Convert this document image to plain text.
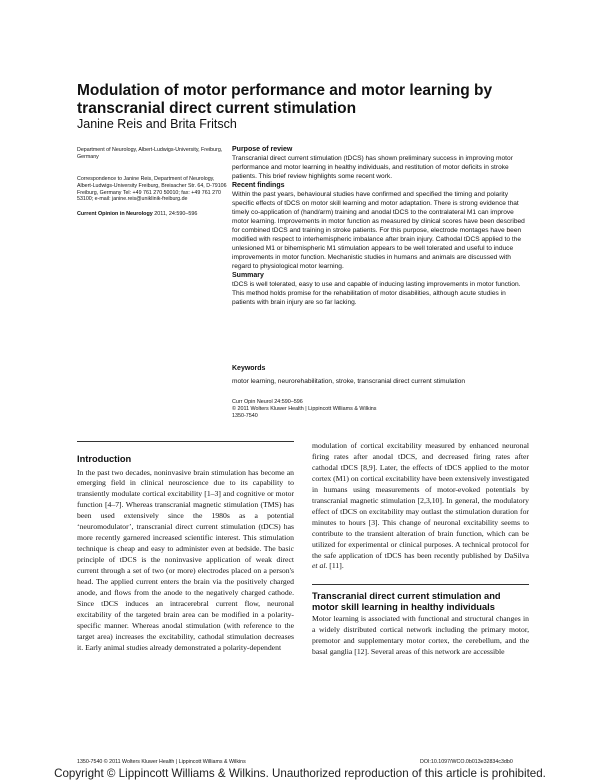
Modulation of motor performance and motor learning by transcranial direct current stimulation
Janine Reis and Brita Fritsch
Department of Neurology, Albert-Ludwigs-University, Freiburg, Germany
Correspondence to Janine Reis, Department of Neurology, Albert-Ludwigs-University Freiburg, Breisacher Str. 64, D-79106 Freiburg, Germany Tel: +49 761 270 50010; fax: +49 761 270 53100; e-mail: janine.reis@uniklinik-freiburg.de
Current Opinion in Neurology 2011, 24:590–596

Purpose of review

Transcranial direct current stimulation (tDCS) has shown preliminary success in improving motor performance and motor learning in healthy individuals, and restitution of motor deficits in stroke patients. This brief review highlights some recent work.

Recent findings

Within the past years, behavioural studies have confirmed and specified the timing and polarity specific effects of tDCS on motor skill learning and motor adaptation. There is strong evidence that timely co-application of (hand/arm) training and anodal tDCS to the contralateral M1 can improve motor learning. Improvements in motor function as measured by clinical scores have been described for combined tDCS and training in stroke patients. For this purpose, electrode montages have been modified with respect to interhemispheric imbalance after brain injury. Cathodal tDCS applied to the unlesioned M1 or bihemispheric M1 stimulation appears to be well tolerated and useful to induce improvements in motor function. Mechanistic studies in humans and animals are discussed with regard to physiological motor learning.

Summary

tDCS is well tolerated, easy to use and capable of inducing lasting improvements in motor function. This method holds promise for the rehabilitation of motor disabilities, although acute studies in patients with brain injury are so far lacking.

Keywords

motor learning, neurorehabilitation, stroke, transcranial direct current stimulation

Curr Opin Neurol 24:590–596
© 2011 Wolters Kluwer Health | Lippincott Williams & Wilkins
1350-7540
Introduction

In the past two decades, noninvasive brain stimulation has become an emerging field in clinical neuroscience due to its capability to transiently modulate cortical excitability [1–3] and cognitive or motor function [4–7]. Whereas transcranial magnetic stimulation (TMS) has been used extensively since the 1980s as a potential ‘neuromodulator’, transcranial direct current stimulation (tDCS) has more recently garnered increased scientific interest. This stimulation technique is cheap and easy to administer even at bedside. The basic principle of tDCS is the noninvasive application of weak direct current through a set of two (or more) electrodes placed on a person's head. The applied current enters the brain via the positively charged anode, and flows from the anode to the negatively charged cathode. Since tDCS induces an intracerebral current flow, neuronal excitability of the targeted brain area can be modified in a polarity-specific manner. Whereas anodal stimulation (with reference to the target area) increases the excitability, cathodal stimulation decreases it. Early animal studies already demonstrated a polarity-dependent

modulation of cortical excitability measured by enhanced neuronal firing rates after anodal tDCS, and decreased firing rates after cathodal tDCS [8,9]. Later, the effects of tDCS applied to the motor cortex (M1) on cortical excitability have been extensively investigated in humans using measurements of motor-evoked potentials by transcranial magnetic stimulation [2,3,10]. In general, the modulatory effect of tDCS on excitability may outlast the stimulation duration for minutes to hours [3]. This change of neuronal excitability seems to contribute to the transient alteration of brain function, which can be utilized for experimental or clinical purposes. A technical protocol for the safe application of tDCS has been recently published by DaSilva et al. [11].

Transcranial direct current stimulation and motor skill learning in healthy individuals

Motor learning is associated with functional and structural changes in a widely distributed cortical network including the primary motor, premotor and supplementary motor cortex, the cerebellum, and the basal ganglia [12]. Several areas of this network are accessible

1350-7540 © 2011 Wolters Kluwer Health | Lippincott Williams & Wilkins	DOI:10.1097/WCO.0b013e32834c3db0
Copyright © Lippincott Williams & Wilkins. Unauthorized reproduction of this article is prohibited.
